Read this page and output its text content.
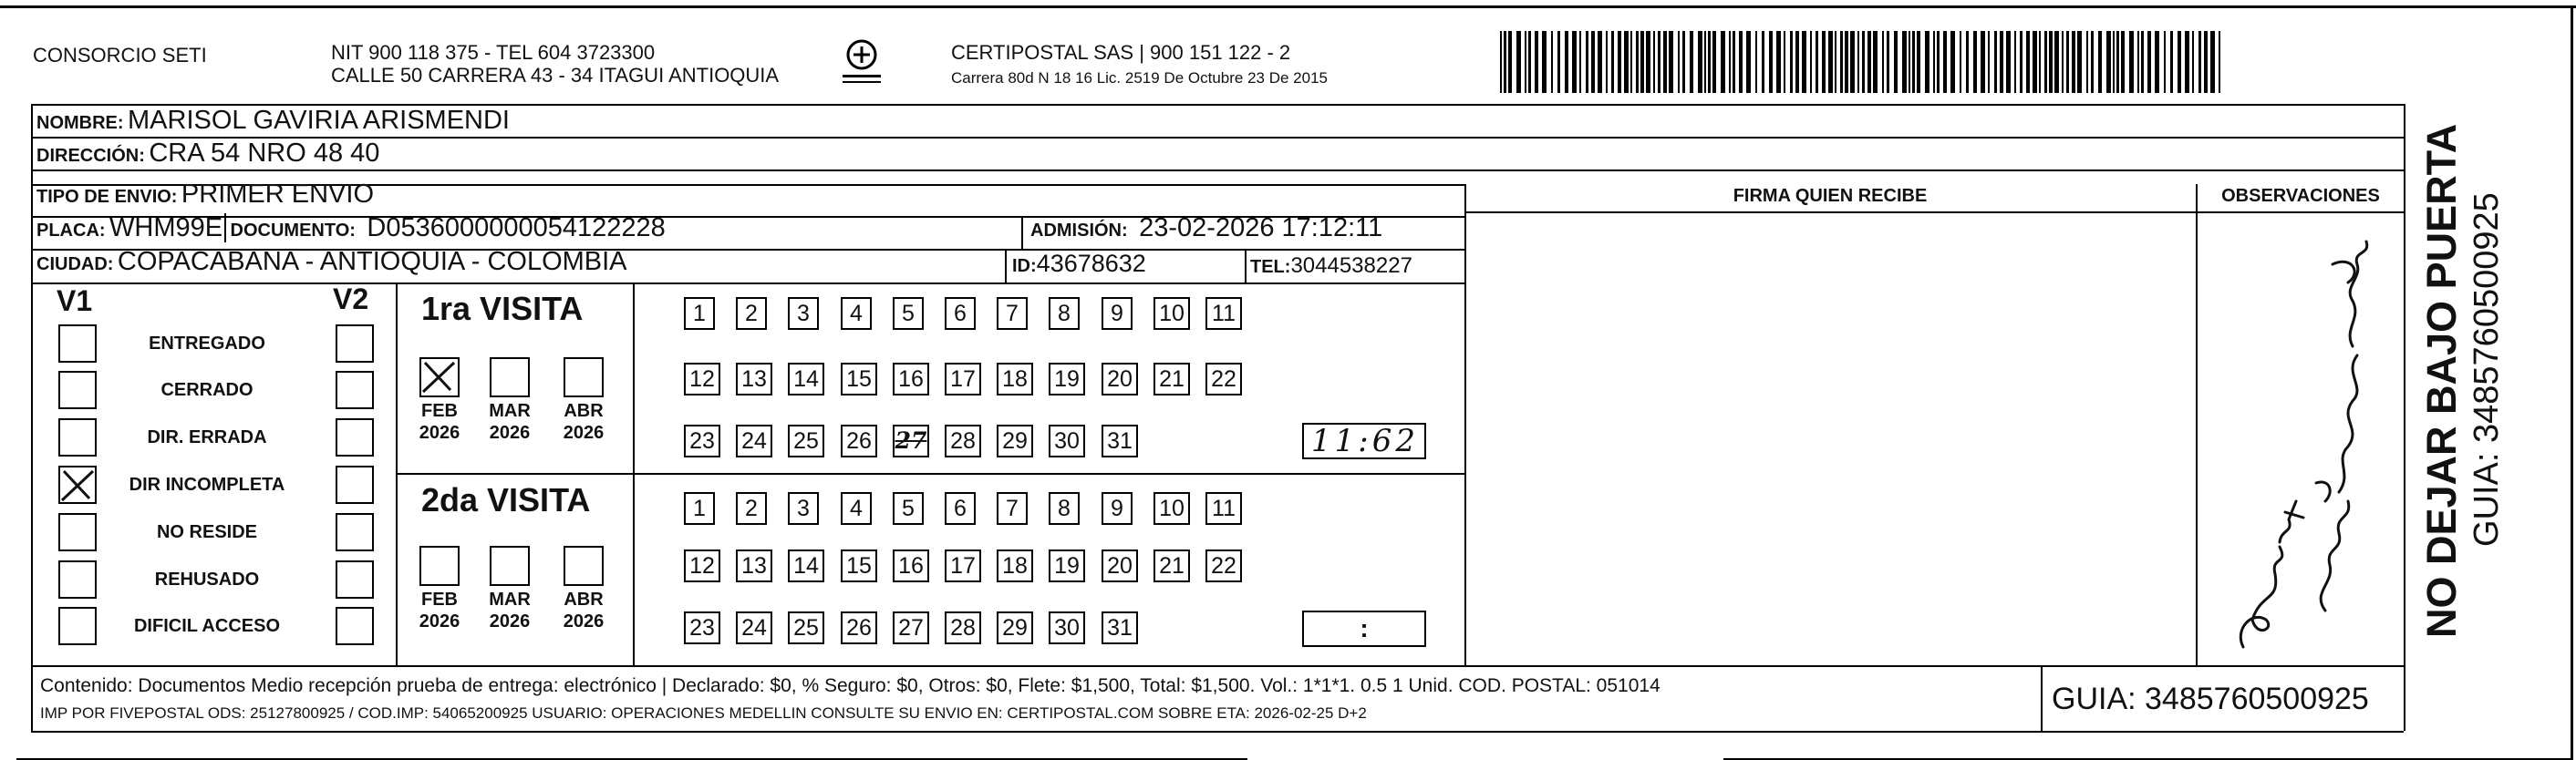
CONSORCIO SETI	NIT 900 118 375 - TEL 604 3723300
CALLE 50 CARRERA 43 - 34 ITAGUI ANTIOQUIA
CERTIPOSTAL SAS | 900 151 122 - 2
Carrera 80d N 18 16 Lic. 2519 De Octubre 23 De 2015
NOMBRE: MARISOL GAVIRIA ARISMENDI
DIRECCIÓN: CRA 54 NRO 48 40
TIPO DE ENVIO: PRIMER ENVIO
PLACA: WHM99E DOCUMENTO: D0536000000054122228	ADMISIÓN: 23-02-2026 17:12:11
CIUDAD: COPACABANA - ANTIOQUIA - COLOMBIA	ID:43678632	TEL:3044538227
FIRMA QUIEN RECIBE	OBSERVACIONES
V1	V2
ENTREGADO
CERRADO
DIR. ERRADA
DIR INCOMPLETA
NO RESIDE
REHUSADO
DIFICIL ACCESO
1ra VISITA
2da VISITA
FEB
2026
MAR
2026
ABR
2026
FEB
2026
MAR
2026
ABR
2026
1	2	3	4	5	6	7	8	9	10 11
12 13 14 15 16 17 18 19 20 21 22
23 24 25 26 27 28 29 30 31
1	2	3	4	5	6	7	8	9	10 11
12 13 14 15 16 17 18 19 20 21 22
23 24 25 26 27 28 29 30 31
11:62
:	NO DEJAR BAJO PUERTA GUIA: 3485760500925
Contenido: Documentos Medio recepción prueba de entrega: electrónico | Declarado: $0, % Seguro: $0, Otros: $0, Flete: $1,500, Total: $1,500. Vol.: 1*1*1. 0.5 1 Unid. COD. POSTAL: 051014
IMP POR FIVEPOSTAL ODS: 25127800925 / COD.IMP: 54065200925 USUARIO: OPERACIONES MEDELLIN CONSULTE SU ENVIO EN: CERTIPOSTAL.COM SOBRE ETA: 2026-02-25 D+2	GUIA: 3485760500925
